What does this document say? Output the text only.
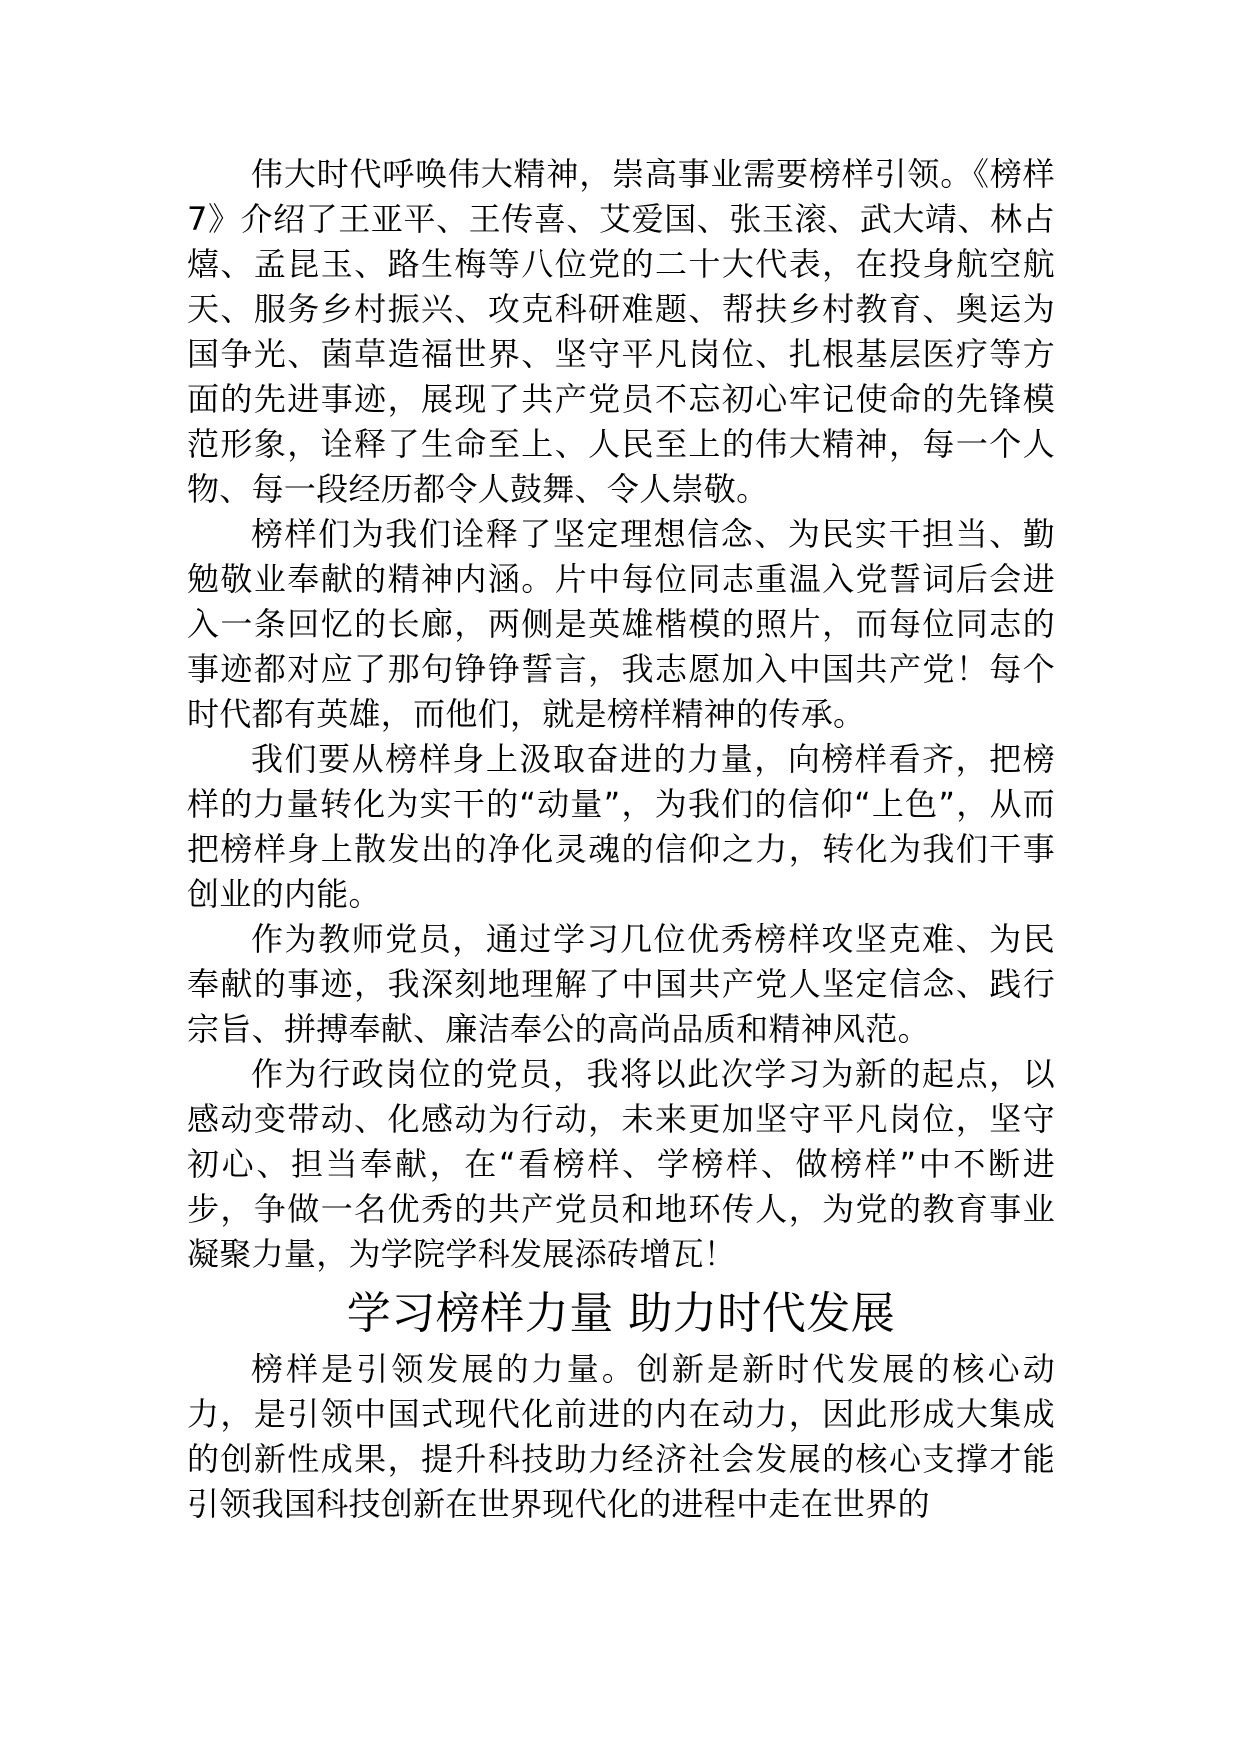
伟大时代呼唤伟大精神，崇高事业需要榜样引领。《榜样 7》介绍了王亚平、王传喜、艾爱国、张玉滚、武大靖、林占熺、孟昆玉、路生梅等八位党的二十大代表，在投身航空航天、服务乡村振兴、攻克科研难题、帮扶乡村教育、奥运为国争光、菌草造福世界、坚守平凡岗位、扎根基层医疗等方面的先进事迹，展现了共产党员不忘初心牢记使命的先锋模范形象，诠释了生命至上、人民至上的伟大精神，每一个人物、每一段经历都令人鼓舞、令人崇敬。

榜样们为我们诠释了坚定理想信念、为民实干担当、勤勉敬业奉献的精神内涵。片中每位同志重温入党誓词后会进入一条回忆的长廊，两侧是英雄楷模的照片，而每位同志的事迹都对应了那句铮铮誓言，我志愿加入中国共产党！每个时代都有英雄，而他们，就是榜样精神的传承。

我们要从榜样身上汲取奋进的力量，向榜样看齐，把榜样的力量转化为实干的“动量”，为我们的信仰“上色”，从而把榜样身上散发出的净化灵魂的信仰之力，转化为我们干事创业的内能。

作为教师党员，通过学习几位优秀榜样攻坚克难、为民奉献的事迹，我深刻地理解了中国共产党人坚定信念、践行宗旨、拼搏奉献、廉洁奉公的高尚品质和精神风范。

作为行政岗位的党员，我将以此次学习为新的起点，以感动变带动、化感动为行动，未来更加坚守平凡岗位，坚守初心、担当奉献，在“看榜样、学榜样、做榜样”中不断进步，争做一名优秀的共产党员和地环传人，为党的教育事业凝聚力量，为学院学科发展添砖增瓦！

学习榜样力量 助力时代发展

榜样是引领发展的力量。创新是新时代发展的核心动力，是引领中国式现代化前进的内在动力，因此形成大集成的创新性成果，提升科技助力经济社会发展的核心支撑才能引领我国科技创新在世界现代化的进程中走在世界的
